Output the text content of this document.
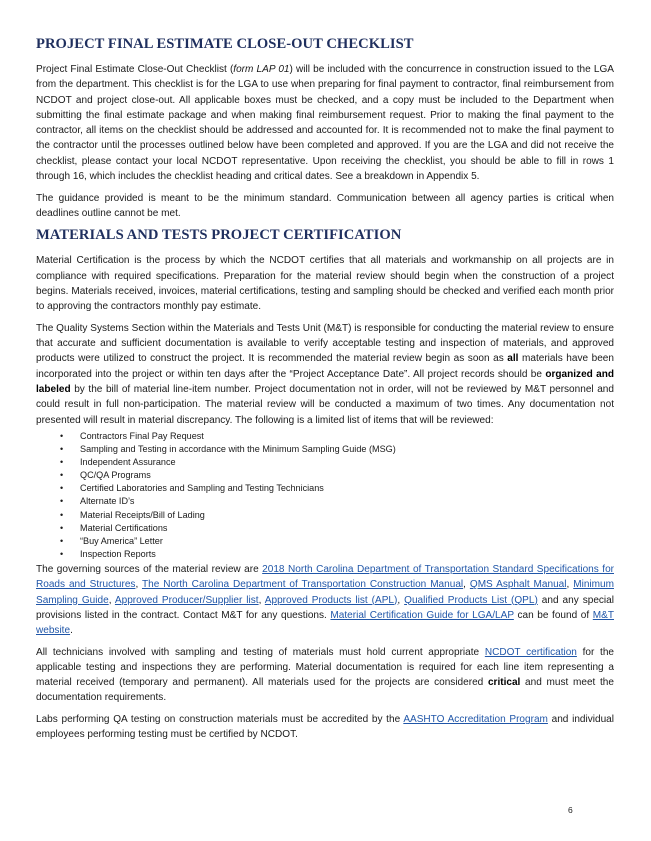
PROJECT FINAL ESTIMATE CLOSE-OUT CHECKLIST

Project Final Estimate Close-Out Checklist (form LAP 01) will be included with the concurrence in construction issued to the LGA from the department. This checklist is for the LGA to use when preparing for final payment to contractor, final reimbursement from NCDOT and project close-out. All applicable boxes must be checked, and a copy must be included to the Department when submitting the final estimate package and when making final reimbursement request. Prior to making the final payment to the contractor, all items on the checklist should be addressed and accounted for. It is recommended not to make the final payment to the contractor until the processes outlined below have been completed and approved. If you are the LGA and did not receive the checklist, please contact your local NCDOT representative. Upon receiving the checklist, you should be able to fill in rows 1 through 16, which includes the checklist heading and critical dates. See a breakdown in Appendix 5.

The guidance provided is meant to be the minimum standard. Communication between all agency parties is critical when deadlines outline cannot be met.

MATERIALS AND TESTS PROJECT CERTIFICATION

Material Certification is the process by which the NCDOT certifies that all materials and workmanship on all projects are in compliance with required specifications. Preparation for the material review should begin when the construction of a project begins. Materials received, invoices, material certifications, testing and sampling should be checked and verified each month prior to approving the contractors monthly pay estimate.

The Quality Systems Section within the Materials and Tests Unit (M&T) is responsible for conducting the material review to ensure that accurate and sufficient documentation is available to verify acceptable testing and inspection of materials, and approved products were utilized to construct the project. It is recommended the material review begin as soon as all materials have been incorporated into the project or within ten days after the “Project Acceptance Date”. All project records should be organized and labeled by the bill of material line-item number. Project documentation not in order, will not be reviewed by M&T personnel and could result in full non-participation. The material review will be conducted a maximum of two times. Any documentation not presented will result in material discrepancy. The following is a limited list of items that will be reviewed:

• Contractors Final Pay Request
• Sampling and Testing in accordance with the Minimum Sampling Guide (MSG)
• Independent Assurance
• QC/QA Programs
• Certified Laboratories and Sampling and Testing Technicians
• Alternate ID’s
• Material Receipts/Bill of Lading
• Material Certifications
• “Buy America” Letter
• Inspection Reports

The governing sources of the material review are 2018 North Carolina Department of Transportation Standard Specifications for Roads and Structures, The North Carolina Department of Transportation Construction Manual, QMS Asphalt Manual, Minimum Sampling Guide, Approved Producer/Supplier list, Approved Products list (APL), Qualified Products List (QPL) and any special provisions listed in the contract. Contact M&T for any questions. Material Certification Guide for LGA/LAP can be found of M&T website.

All technicians involved with sampling and testing of materials must hold current appropriate NCDOT certification for the applicable testing and inspections they are performing. Material documentation is required for each line item representing a material received (temporary and permanent). All materials used for the projects are considered critical and must meet the documentation requirements.

Labs performing QA testing on construction materials must be accredited by the AASHTO Accreditation Program and individual employees performing testing must be certified by NCDOT.

6
